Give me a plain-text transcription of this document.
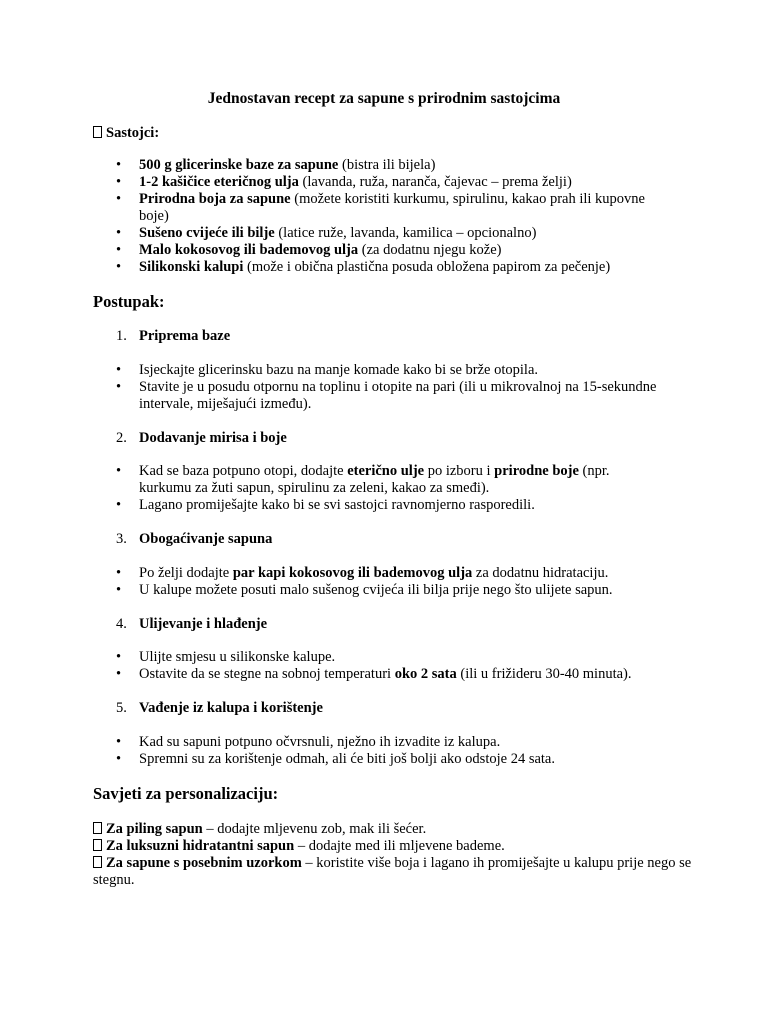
Jednostavan recept za sapune s prirodnim sastojcima
Sastojci:
•
500 g glicerinske baze za sapune (bistra ili bijela)
•
1-2 kašičice eteričnog ulja (lavanda, ruža, naranča, čajevac – prema želji)
•
Prirodna boja za sapune (možete koristiti kurkumu, spirulinu, kakao prah ili kupovne boje)
•
Sušeno cvijeće ili bilje (latice ruže, lavanda, kamilica – opcionalno)
•
Malo kokosovog ili bademovog ulja (za dodatnu njegu kože)
•
Silikonski kalupi (može i obična plastična posuda obložena papirom za pečenje)
Postupak:
1. Priprema baze
•
Isjeckajte glicerinsku bazu na manje komade kako bi se brže otopila.
•
Stavite je u posudu otpornu na toplinu i otopite na pari (ili u mikrovalnoj na 15-sekundne intervale, miješajući između).
2. Dodavanje mirisa i boje
•
Kad se baza potpuno otopi, dodajte eterično ulje po izboru i prirodne boje (npr. kurkumu za žuti sapun, spirulinu za zeleni, kakao za smeđi).
•
Lagano promiješajte kako bi se svi sastojci ravnomjerno rasporedili.
3. Obogaćivanje sapuna
•
Po želji dodajte par kapi kokosovog ili bademovog ulja za dodatnu hidrataciju.
•
U kalupe možete posuti malo sušenog cvijeća ili bilja prije nego što ulijete sapun.
4. Ulijevanje i hlađenje
•
Ulijte smjesu u silikonske kalupe.
•
Ostavite da se stegne na sobnoj temperaturi oko 2 sata (ili u frižideru 30-40 minuta).
5. Vađenje iz kalupa i korištenje
•
Kad su sapuni potpuno očvrsnuli, nježno ih izvadite iz kalupa.
•
Spremni su za korištenje odmah, ali će biti još bolji ako odstoje 24 sata.
Savjeti za personalizaciju:
Za piling sapun – dodajte mljevenu zob, mak ili šećer.
Za luksuzni hidratantni sapun – dodajte med ili mljevene bademe.
Za sapune s posebnim uzorkom – koristite više boja i lagano ih promiješajte u kalupu prije nego se stegnu.
